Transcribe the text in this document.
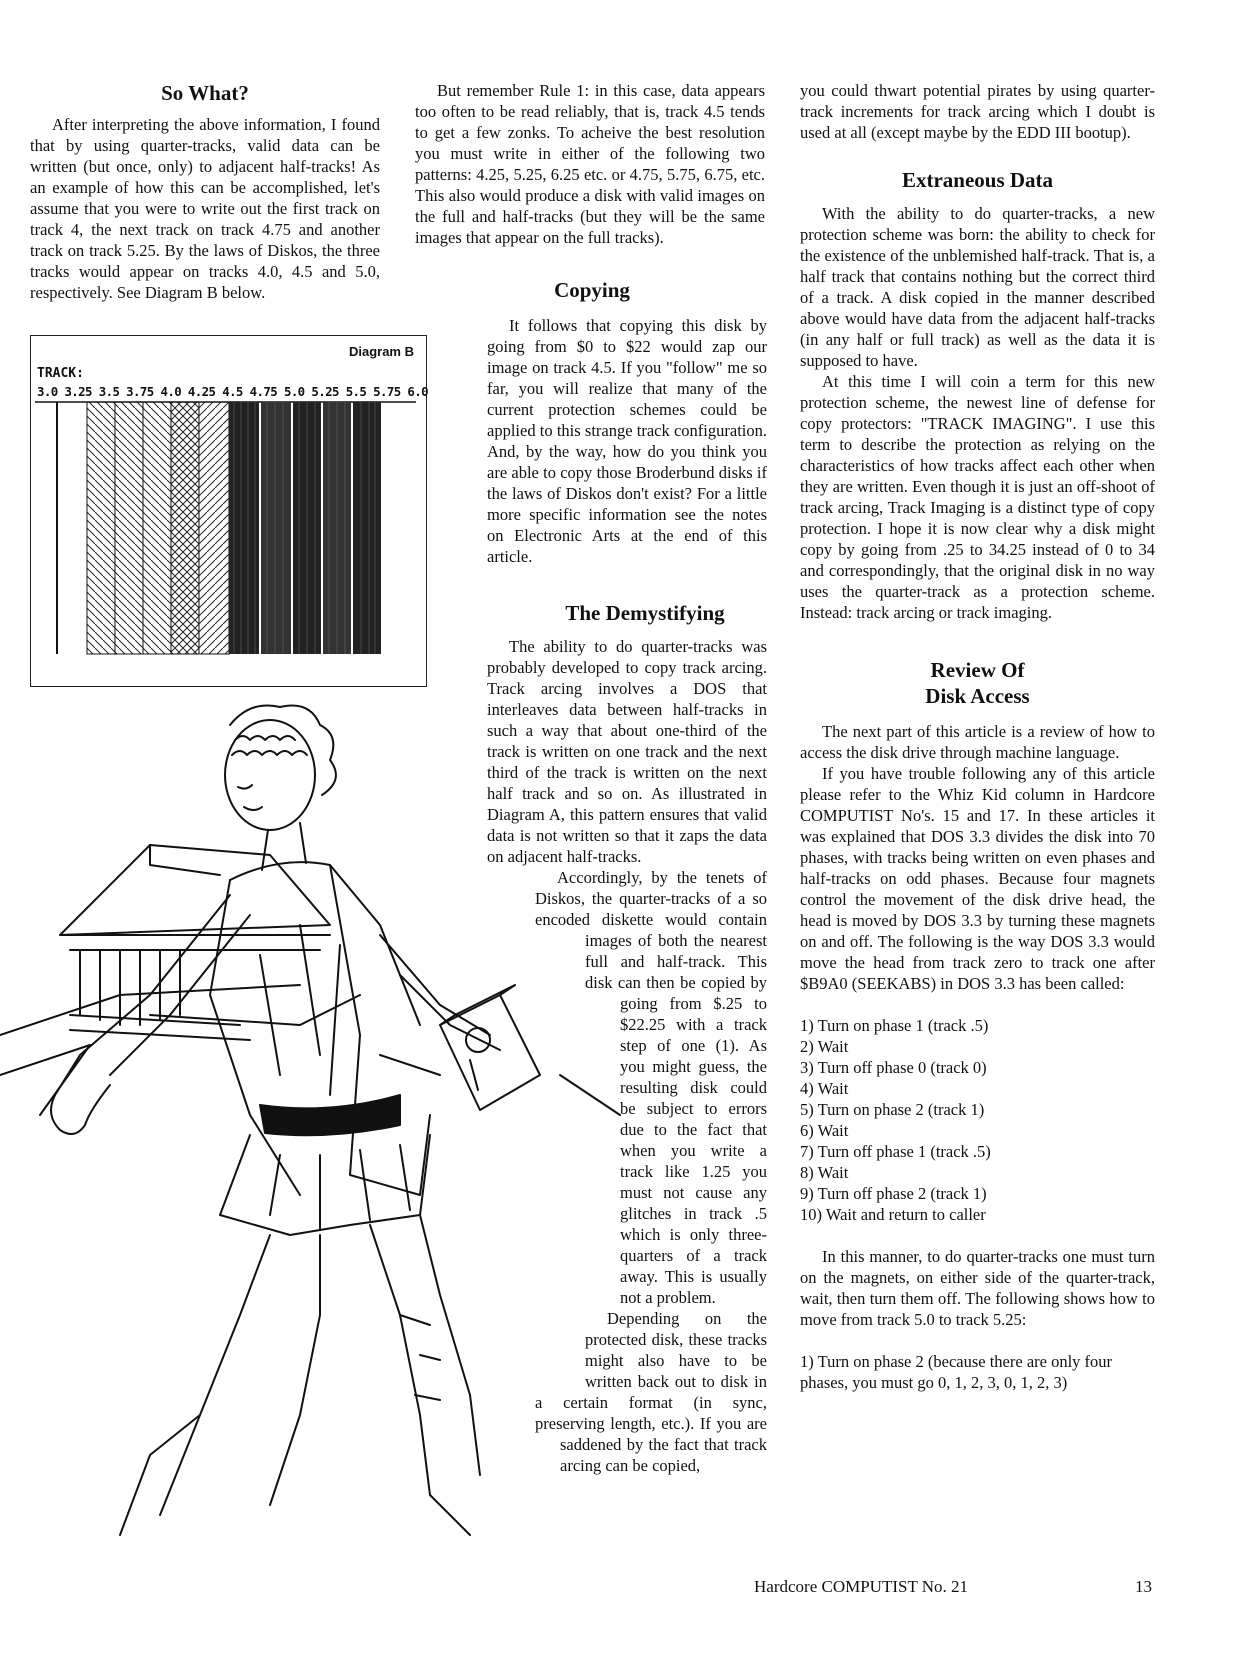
So What?

After interpreting the above information, I found that by using quarter-tracks, valid data can be written (but once, only) to adjacent half-tracks! As an example of how this can be accomplished, let's assume that you were to write out the first track on track 4, the next track on track 4.75 and another track on track 5.25. By the laws of Diskos, the three tracks would appear on tracks 4.0, 4.5 and 5.0, respectively. See Diagram B below.

Diagram B
TRACK:
3.0 3.25 3.5 3.75 4.0 4.25 4.5 4.75 5.0 5.25 5.5 5.75 6.0

But remember Rule 1: in this case, data appears too often to be read reliably, that is, track 4.5 tends to get a few zonks. To acheive the best resolution you must write in either of the following two patterns: 4.25, 5.25, 6.25 etc. or 4.75, 5.75, 6.75, etc. This also would produce a disk with valid images on the full and half-tracks (but they will be the same images that appear on the full tracks).

Copying

It follows that copying this disk by going from $0 to $22 would zap our image on track 4.5. If you "follow" me so far, you will realize that many of the current protection schemes could be applied to this strange track configuration. And, by the way, how do you think you are able to copy those Broderbund disks if the laws of Diskos don't exist? For a little more specific information see the notes on Electronic Arts at the end of this article.

The Demystifying

The ability to do quarter-tracks was probably developed to copy track arcing. Track arcing involves a DOS that interleaves data between half-tracks in such a way that about one-third of the track is written on one track and the next third of the track is written on the next half track and so on. As illustrated in Diagram A, this pattern ensures that valid data is not written so that it zaps the data on adjacent half-tracks.

Accordingly, by the tenets of Diskos, the quarter-tracks of a so encoded diskette would contain images of both the nearest full and half-track. This disk can then be copied by going from $.25 to $22.25 with a track step of one (1). As you might guess, the resulting disk could be subject to errors due to the fact that when you write a track like 1.25 you must not cause any glitches in track .5 which is only three-quarters of a track away. This is usually not a problem.

Depending on the protected disk, these tracks might also have to be written back out to disk in a certain format (in sync, preserving length, etc.). If you are saddened by the fact that track arcing can be copied,

you could thwart potential pirates by using quarter-track increments for track arcing which I doubt is used at all (except maybe by the EDD III bootup).

Extraneous Data

With the ability to do quarter-tracks, a new protection scheme was born: the ability to check for the existence of the unblemished half-track. That is, a half track that contains nothing but the correct third of a track. A disk copied in the manner described above would have data from the adjacent half-tracks (in any half or full track) as well as the data it is supposed to have.

At this time I will coin a term for this new protection scheme, the newest line of defense for copy protectors: "TRACK IMAGING". I use this term to describe the protection as relying on the characteristics of how tracks affect each other when they are written. Even though it is just an off-shoot of track arcing, Track Imaging is a distinct type of copy protection. I hope it is now clear why a disk might copy by going from .25 to 34.25 instead of 0 to 34 and correspondingly, that the original disk in no way uses the quarter-track as a protection scheme. Instead: track arcing or track imaging.

Review Of
Disk Access

The next part of this article is a review of how to access the disk drive through machine language.

If you have trouble following any of this article please refer to the Whiz Kid column in Hardcore COMPUTIST No's. 15 and 17. In these articles it was explained that DOS 3.3 divides the disk into 70 phases, with tracks being written on even phases and half-tracks on odd phases. Because four magnets control the movement of the disk drive head, the head is moved by DOS 3.3 by turning these magnets on and off. The following is the way DOS 3.3 would move the head from track zero to track one after $B9A0 (SEEKABS) in DOS 3.3 has been called:

1) Turn on phase 1 (track .5)
2) Wait
3) Turn off phase 0 (track 0)
4) Wait
5) Turn on phase 2 (track 1)
6) Wait
7) Turn off phase 1 (track .5)
8) Wait
9) Turn off phase 2 (track 1)
10) Wait and return to caller

In this manner, to do quarter-tracks one must turn on the magnets, on either side of the quarter-track, wait, then turn them off. The following shows how to move from track 5.0 to track 5.25:

1) Turn on phase 2 (because there are only four phases, you must go 0, 1, 2, 3, 0, 1, 2, 3)

Hardcore COMPUTIST No. 21	13
